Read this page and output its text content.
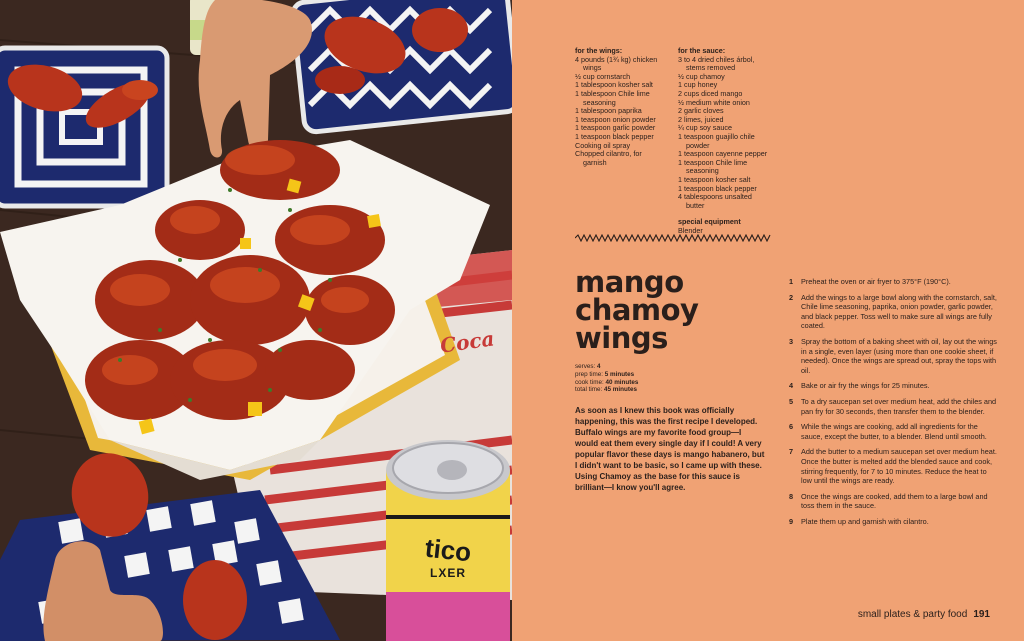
tico
LXER
Coca
for the wings:
4 pounds (1¾ kg) chicken
wings
½ cup cornstarch
1 tablespoon kosher salt
1 tablespoon Chile lime
seasoning
1 tablespoon paprika
1 teaspoon onion powder
1 teaspoon garlic powder
1 teaspoon black pepper
Cooking oil spray
Chopped cilantro, for
garnish
for the sauce:
3 to 4 dried chiles árbol,
stems removed
½ cup chamoy
1 cup honey
2 cups diced mango
½ medium white onion
2 garlic cloves
2 limes, juiced
¼ cup soy sauce
1 teaspoon guajillo chile
powder
1 teaspoon cayenne pepper
1 teaspoon Chile lime
seasoning
1 teaspoon kosher salt
1 teaspoon black pepper
4 tablespoons unsalted
butter
special equipment
Blender
mango
chamoy
wings
serves: 4
prep time: 5 minutes
cook time: 40 minutes
total time: 45 minutes
As soon as I knew this book was officially happening, this was the first recipe I developed. Buffalo wings are my favorite food group—I would eat them every single day if I could! A very popular flavor these days is mango habanero, but I didn't want to be basic, so I came up with these. Using Chamoy as the base for this sauce is brilliant—I know you'll agree.
1 Preheat the oven or air fryer to 375°F (190°C).
2 Add the wings to a large bowl along with the cornstarch, salt, Chile lime seasoning, paprika, onion powder, garlic powder, and black pepper. Toss well to make sure all wings are fully coated.
3 Spray the bottom of a baking sheet with oil, lay out the wings in a single, even layer (using more than one cookie sheet, if needed). Once the wings are spread out, spray the tops with oil.
4 Bake or air fry the wings for 25 minutes.
5 To a dry saucepan set over medium heat, add the chiles and pan fry for 30 seconds, then transfer them to the blender.
6 While the wings are cooking, add all ingredients for the sauce, except the butter, to a blender. Blend until smooth.
7 Add the butter to a medium saucepan set over medium heat. Once the butter is melted add the blended sauce and cook, stirring frequently, for 7 to 10 minutes. Reduce the heat to low until the wings are ready.
8 Once the wings are cooked, add them to a large bowl and toss them in the sauce.
9 Plate them up and garnish with cilantro.
small plates & party food 191
